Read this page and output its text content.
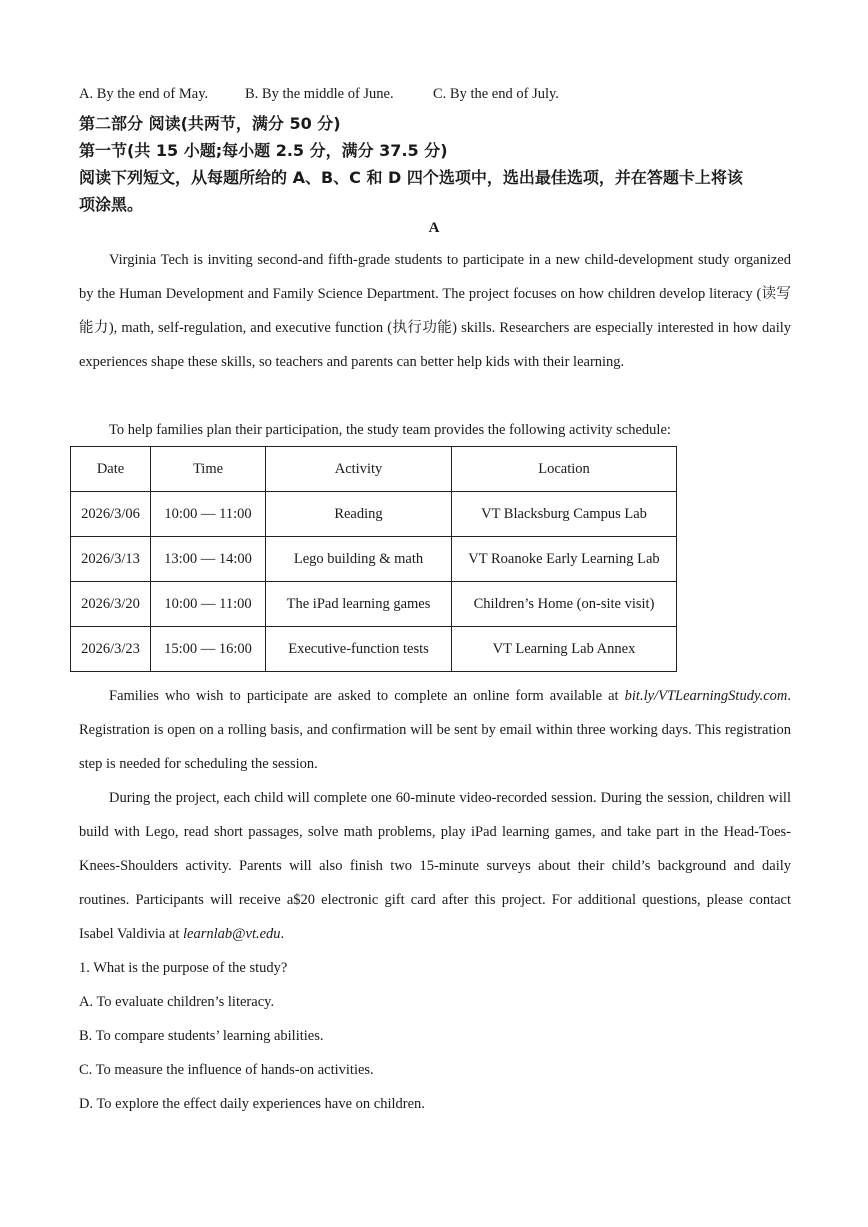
A. By the end of May.	B. By the middle of June.	C. By the end of July.
第二部分 阅读(共两节，满分 50 分)
第一节(共 15 小题;每小题 2.5 分，满分 37.5 分)
阅读下列短文，从每题所给的 A、B、C 和 D 四个选项中，选出最佳选项，并在答题卡上将该
项涂黑。
A

Virginia Tech is inviting second-and fifth-grade students to participate in a new child-development study organized by the Human Development and Family Science Department. The project focuses on how children develop literacy (读写能力), math, self-regulation, and executive function (执行功能) skills. Researchers are especially interested in how daily experiences shape these skills, so teachers and parents can better help kids with their learning.

To help families plan their participation, the study team provides the following activity schedule:

Date	Time	Activity	Location
2026/3/06	10:00 — 11:00	Reading	VT Blacksburg Campus Lab
2026/3/13	13:00 — 14:00	Lego building & math	VT Roanoke Early Learning Lab
2026/3/20	10:00 — 11:00	The iPad learning games	Children’s Home (on-site visit)
2026/3/23	15:00 — 16:00	Executive-function tests	VT Learning Lab Annex

Families who wish to participate are asked to complete an online form available at bit.ly/VTLearningStudy.com. Registration is open on a rolling basis, and confirmation will be sent by email within three working days. This registration step is needed for scheduling the session.

During the project, each child will complete one 60-minute video-recorded session. During the session, children will build with Lego, read short passages, solve math problems, play iPad learning games, and take part in the Head-Toes-Knees-Shoulders activity. Parents will also finish two 15-minute surveys about their child’s background and daily routines. Participants will receive a$20 electronic gift card after this project. For additional questions, please contact Isabel Valdivia at learnlab@vt.edu.

1. What is the purpose of the study?
A. To evaluate children’s literacy.
B. To compare students’ learning abilities.
C. To measure the influence of hands-on activities.
D. To explore the effect daily experiences have on children.
